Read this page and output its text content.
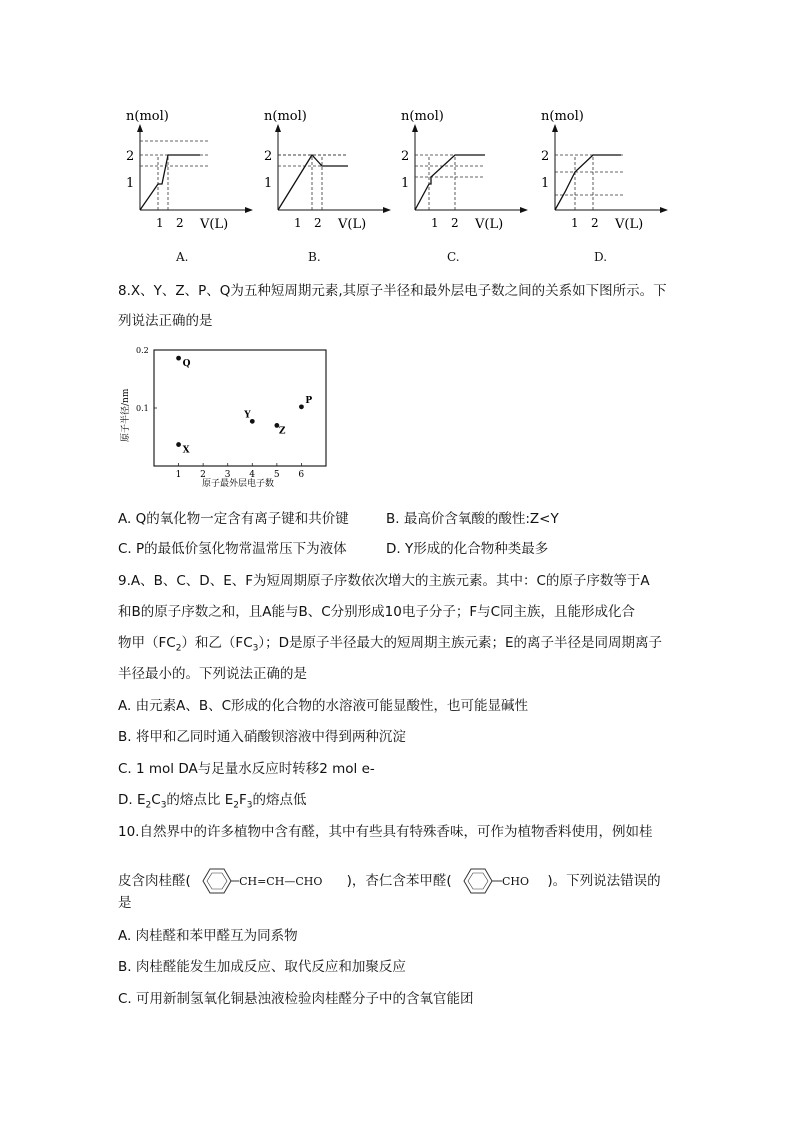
n(mol)
V(L)
2
1
1 2
n(mol)
V(L)
2
1
1 2
n(mol)
V(L)
2
1
1 2
n(mol)
V(L)
2
1
1 2
A.	B.	C.	D.
8.X、Y、Z、P、Q为五种短周期元素,其原子半径和最外层电子数之间的关系如下图所示。下
列说法正确的是
原子半径/nm
原子最外层电子数
1 2 3 4 5 6
0.2
0.1
Q
X
Y
Z
P
A. Q的氧化物一定含有离子键和共价键	B. 最高价含氧酸的酸性:Z<Y
C. P的最低价氢化物常温常压下为液体	D. Y形成的化合物种类最多
9.A、B、C、D、E、F为短周期原子序数依次增大的主族元素。其中：C的原子序数等于A
和B的原子序数之和，且A能与B、C分别形成10电子分子；F与C同主族，且能形成化合
物甲$(FC_2)$和乙$(FC_3)$；D是原子半径最大的短周期主族元素；E的离子半径是同周期离子
半径最小的。下列说法正确的是
A. 由元素A、B、C形成的化合物的水溶液可能显酸性，也可能显碱性
B. 将甲和乙同时通入硝酸钡溶液中得到两种沉淀
C. 1 mol DA与足量水反应时转移2 mol e-
D. $E_2C_3$的熔点比 $E_2F_3$的熔点低
10.自然界中的许多植物中含有醛，其中有些具有特殊香味，可作为植物香料使用，例如桂
皮含肉桂醛(	CH=CH—CHO )，杏仁含苯甲醛(	CHO )。下列说法错误的
是
A. 肉桂醛和苯甲醛互为同系物
B. 肉桂醛能发生加成反应、取代反应和加聚反应
C. 可用新制氢氧化铜悬浊液检验肉桂醛分子中的含氧官能团
